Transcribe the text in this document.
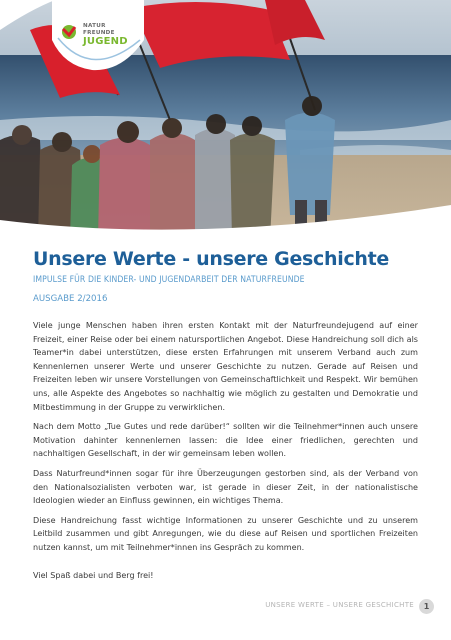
NATUR
FREUNDE
JUGEND
Unsere Werte - unsere Geschichte
IMPULSE FÜR DIE KINDER- UND JUGENDARBEIT DER NATURFREUNDE
AUSGABE 2/2016

Viele junge Menschen haben ihren ersten Kontakt mit der Naturfreundejugend auf einer Freizeit, einer Reise oder bei einem natursportlichen Angebot. Diese Handreichung soll dich als Teamer*in dabei unterstützen, diese ersten Erfahrungen mit unserem Verband auch zum Kennenlernen unserer Werte und unserer Geschichte zu nutzen. Gerade auf Reisen und Freizeiten leben wir unsere Vorstellungen von Gemeinschaftlichkeit und Respekt. Wir bemühen uns, alle Aspekte des Angebotes so nachhaltig wie möglich zu gestalten und Demokratie und Mitbestimmung in der Gruppe zu verwirklichen.

Nach dem Motto „Tue Gutes und rede darüber!“ sollten wir die Teilnehmer*innen auch unsere Motivation dahinter kennenlernen lassen: die Idee einer friedlichen, gerechten und nachhaltigen Gesellschaft, in der wir gemeinsam leben wollen.

Dass Naturfreund*innen sogar für ihre Überzeugungen gestorben sind, als der Verband von den Nationalsozialisten verboten war, ist gerade in dieser Zeit, in der nationalistische Ideologien wieder an Einfluss gewinnen, ein wichtiges Thema.

Diese Handreichung fasst wichtige Informationen zu unserer Geschichte und zu unserem Leitbild zusammen und gibt Anregungen, wie du diese auf Reisen und sportlichen Freizeiten nutzen kannst, um mit Teilnehmer*innen ins Gespräch zu kommen.

Viel Spaß dabei und Berg frei!

UNSERE WERTE – UNSERE GESCHICHTE	1
